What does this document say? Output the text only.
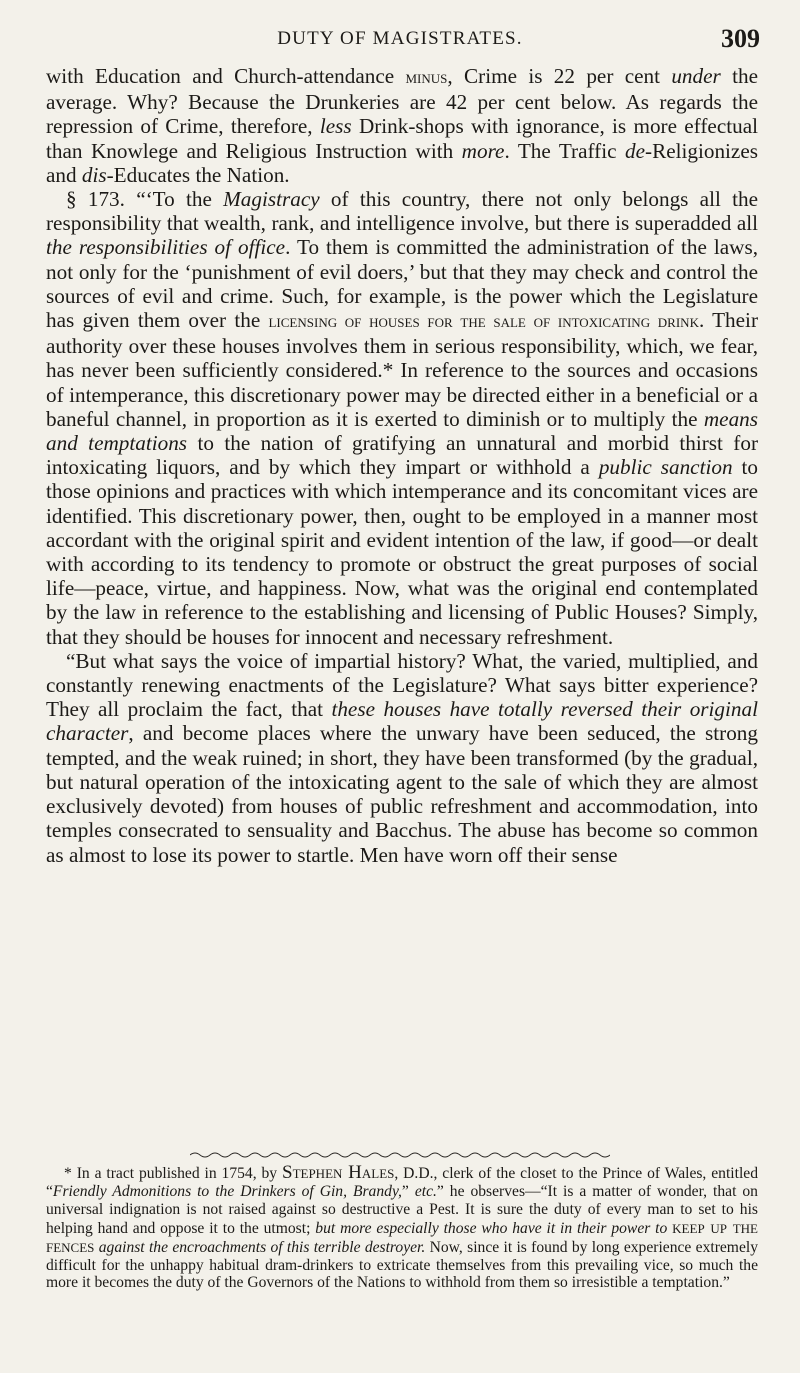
DUTY OF MAGISTRATES.	309

with Education and Church-attendance minus, Crime is 22 per cent under the average. Why? Because the Drunkeries are 42 per cent below. As regards the repression of Crime, therefore, less Drink-shops with ignorance, is more effectual than Knowlege and Religious Instruction with more. The Traffic de-Religionizes and dis-Educates the Nation.

§ 173. “‘To the Magistracy of this country, there not only belongs all the responsibility that wealth, rank, and intelligence involve, but there is superadded all the responsibilities of office. To them is committed the administration of the laws, not only for the ‘punishment of evil doers,’ but that they may check and control the sources of evil and crime. Such, for example, is the power which the Legislature has given them over the licensing of houses for the sale of intoxicating drink. Their authority over these houses involves them in serious responsibility, which, we fear, has never been sufficiently considered.* In reference to the sources and occasions of intemperance, this discretionary power may be directed either in a beneficial or a baneful channel, in proportion as it is exerted to diminish or to multiply the means and temptations to the nation of gratifying an unnatural and morbid thirst for intoxicating liquors, and by which they impart or withhold a public sanction to those opinions and practices with which intemperance and its concomitant vices are identified. This discretionary power, then, ought to be employed in a manner most accordant with the original spirit and evident intention of the law, if good—or dealt with according to its tendency to promote or obstruct the great purposes of social life—peace, virtue, and happiness. Now, what was the original end contemplated by the law in reference to the establishing and licensing of Public Houses? Simply, that they should be houses for innocent and necessary refreshment.

“But what says the voice of impartial history? What, the varied, multiplied, and constantly renewing enactments of the Legislature? What says bitter experience? They all proclaim the fact, that these houses have totally reversed their original character, and become places where the unwary have been seduced, the strong tempted, and the weak ruined; in short, they have been transformed (by the gradual, but natural operation of the intoxicating agent to the sale of which they are almost exclusively devoted) from houses of public refreshment and accommodation, into temples consecrated to sensuality and Bacchus. The abuse has become so common as almost to lose its power to startle. Men have worn off their sense

* In a tract published in 1754, by Stephen Hales, D.D., clerk of the closet to the Prince of Wales, entitled “Friendly Admonitions to the Drinkers of Gin, Brandy,” etc.” he observes—“It is a matter of wonder, that on universal indignation is not raised against so destructive a Pest. It is sure the duty of every man to set to his helping hand and oppose it to the utmost; but more especially those who have it in their power to keep up the fences against the encroachments of this terrible destroyer. Now, since it is found by long experience extremely difficult for the unhappy habitual dram-drinkers to extricate themselves from this prevailing vice, so much the more it becomes the duty of the Governors of the Nations to withhold from them so irresistible a temptation.”
